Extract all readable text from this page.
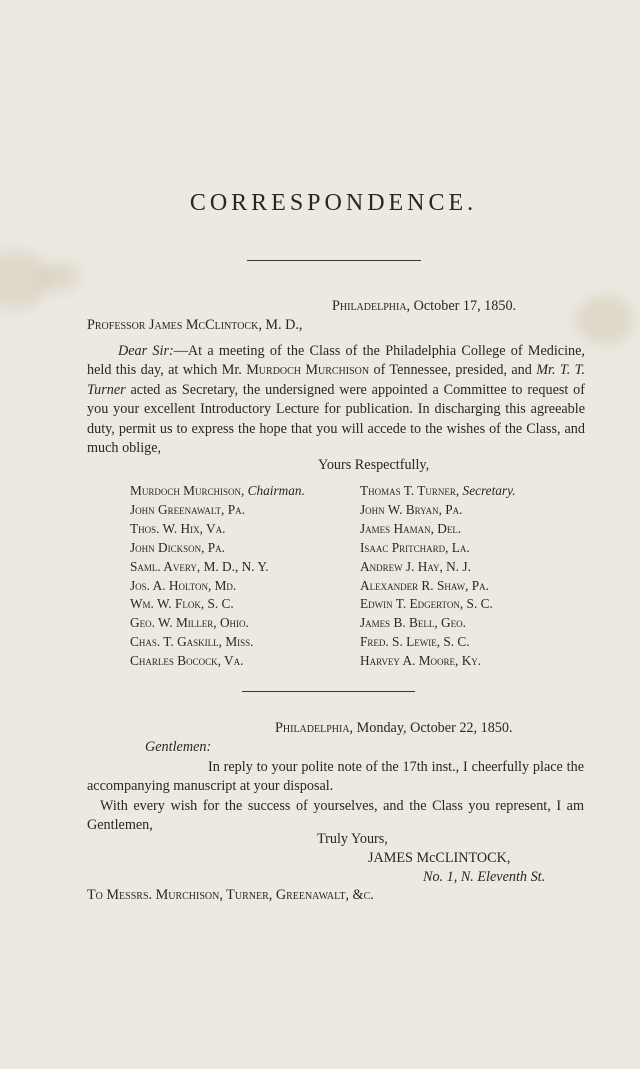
CORRESPONDENCE.
Philadelphia, October 17, 1850.
Professor James McClintock, M. D.,

Dear Sir:—At a meeting of the Class of the Philadelphia College of Medicine, held this day, at which Mr. Murdoch Murchison of Tennessee, presided, and Mr. T. T. Turner acted as Secretary, the undersigned were appointed a Committee to request of you your excellent Introductory Lecture for publication. In discharging this agreeable duty, permit us to express the hope that you will accede to the wishes of the Class, and much oblige,

Yours Respectfully,
Murdoch Murchison, Chairman.
John Greenawalt, Pa.
Thos. W. Hix, Va.
John Dickson, Pa.
Saml. Avery, M. D., N. Y.
Jos. A. Holton, Md.
Wm. W. Flok, S. C.
Geo. W. Miller, Ohio.
Chas. T. Gaskill, Miss.
Charles Bocock, Va.
Thomas T. Turner, Secretary.
John W. Bryan, Pa.
James Haman, Del.
Isaac Pritchard, La.
Andrew J. Hay, N. J.
Alexander R. Shaw, Pa.
Edwin T. Edgerton, S. C.
James B. Bell, Geo.
Fred. S. Lewie, S. C.
Harvey A. Moore, Ky.
Philadelphia, Monday, October 22, 1850.
Gentlemen:

In reply to your polite note of the 17th inst., I cheerfully place the accompanying manuscript at your disposal.

With every wish for the success of yourselves, and the Class you represent, I am Gentlemen,

Truly Yours,
JAMES McCLINTOCK,
No. 1, N. Eleventh St.
To Messrs. Murchison, Turner, Greenawalt, &c.
